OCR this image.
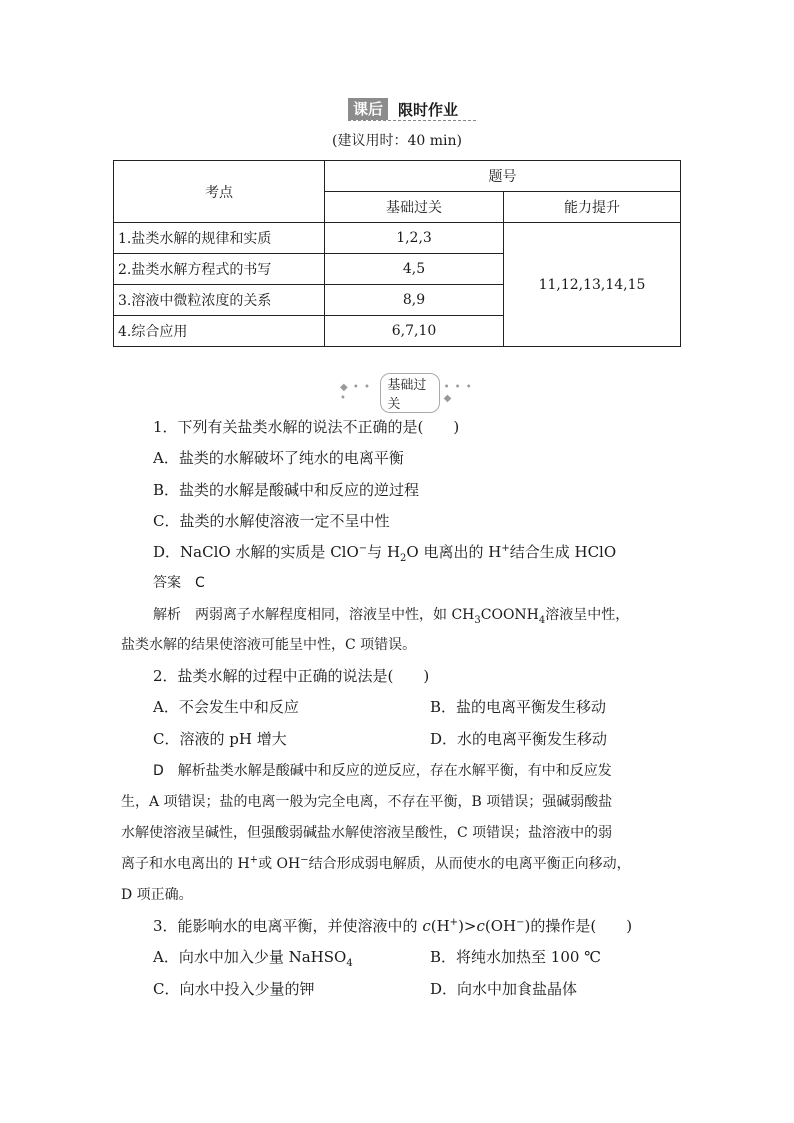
课后	限时作业
(建议用时：40 min)
考点	题号	
	基础过关	能力提升
1.盐类水解的规律和实质	1,2,3	11,12,13,14,15
2.盐类水解方程式的书写	4,5	
3.溶液中微粒浓度的关系	8,9	
4.综合应用	6,7,10	
◆ • • •
基础过关
• • • ◆
1．下列有关盐类水解的说法不正确的是(　　)
A．盐类的水解破坏了纯水的电离平衡
B．盐类的水解是酸碱中和反应的逆过程
C．盐类的水解使溶液一定不呈中性
D．NaClO 水解的实质是 ClO−与 $H_2O$ 电离出的 H+结合生成 HClO
答案　 C
解析　 两弱离子水解程度相同，溶液呈中性，如 $CH_3COONH_4$溶液呈中性，
盐类水解的结果使溶液可能呈中性，C 项错误。
2．盐类水解的过程中正确的说法是(　　)
A．不会发生中和反应	B．盐的电离平衡发生移动
C．溶液的 pH 增大	D．水的电离平衡发生移动
D　 解析盐类水解是酸碱中和反应的逆反应，存在水解平衡，有中和反应发
生，A 项错误；盐的电离一般为完全电离，不存在平衡，B 项错误；强碱弱酸盐
水解使溶液呈碱性，但强酸弱碱盐水解使溶液呈酸性，C 项错误；盐溶液中的弱
离子和水电离出的 H+或 OH−结合形成弱电解质，从而使水的电离平衡正向移动，
D 项正确。
3．能影响水的电离平衡，并使溶液中的 c(H+)>c(OH−)的操作是(　　)
A．向水中加入少量 NaHSO$_4$	B．将纯水加热至 100 ℃
C．向水中投入少量的钾	D．向水中加食盐晶体
